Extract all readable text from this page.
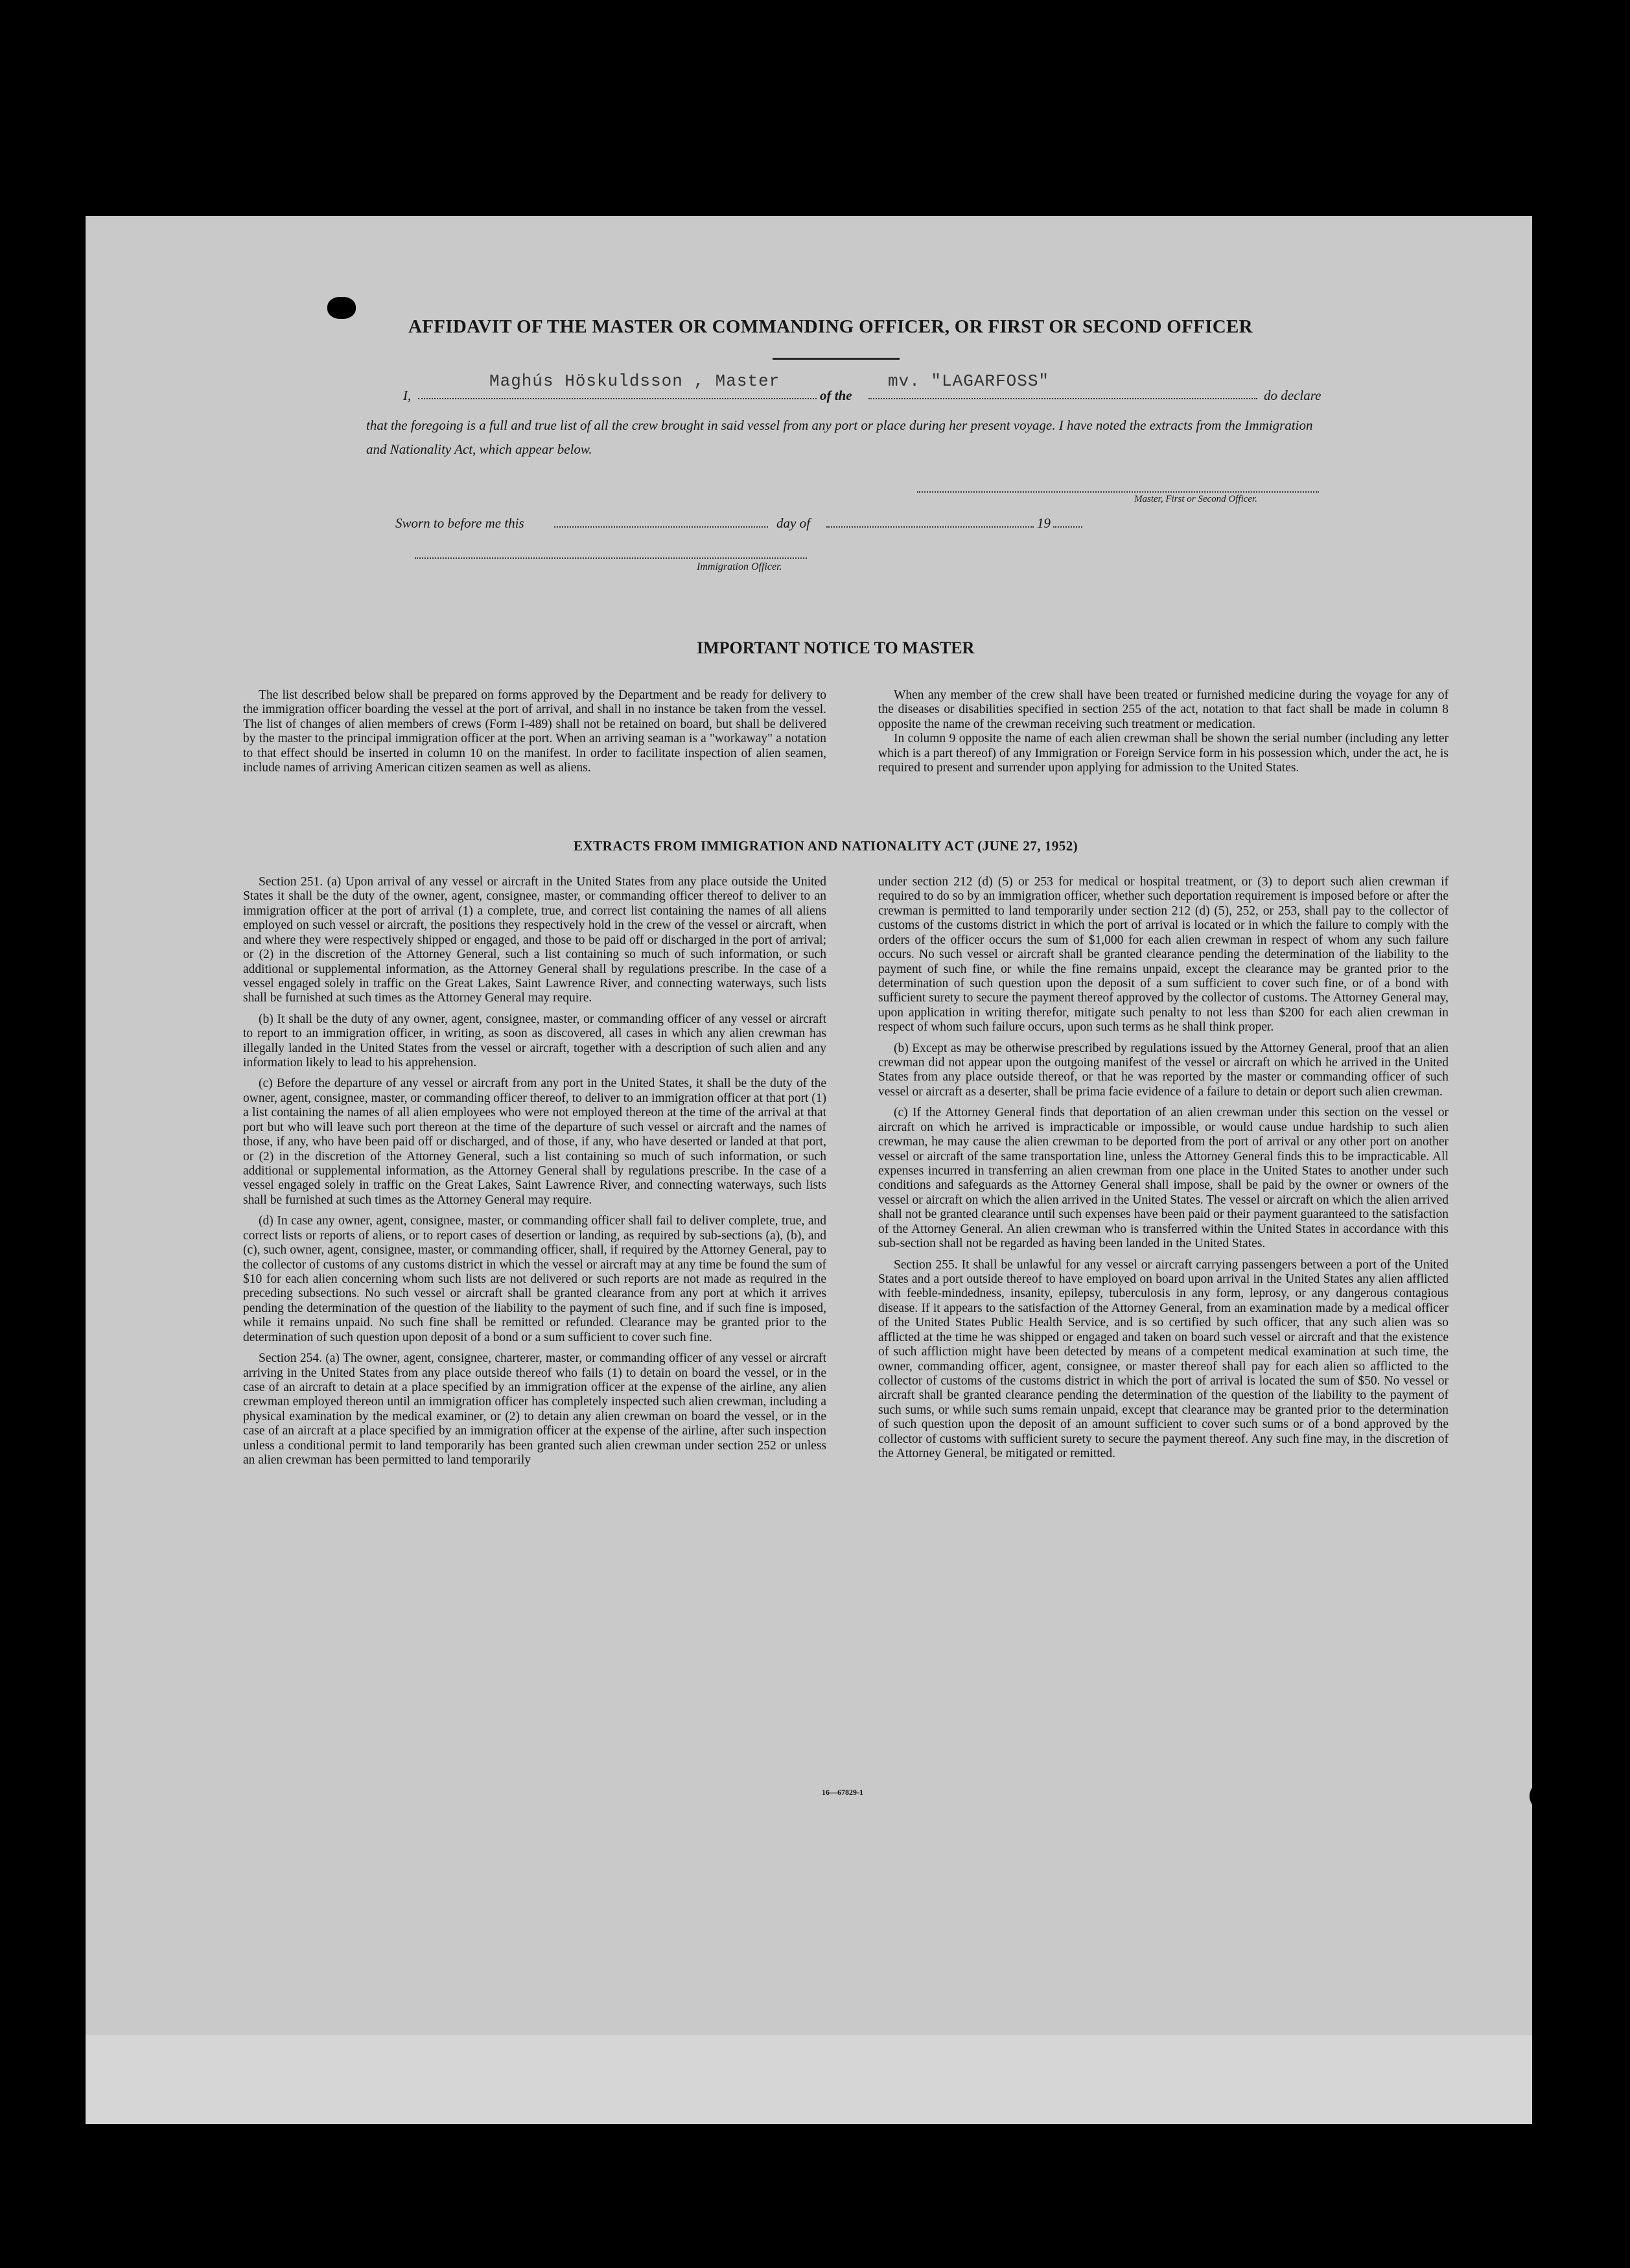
AFFIDAVIT OF THE MASTER OR COMMANDING OFFICER, OR FIRST OR SECOND OFFICER
I,
Maghús Höskuldsson , Master
of the
mv. "LAGARFOSS"
do declare
that the foregoing is a full and true list of all the crew brought in said vessel from any port or place during her present voyage. I have noted the extracts from the Immigration and Nationality Act, which appear below.
Master, First or Second Officer.
Sworn to before me this	day of	19
Immigration Officer.
IMPORTANT NOTICE TO MASTER

The list described below shall be prepared on forms approved by the Department and be ready for delivery to the immigration officer boarding the vessel at the port of arrival, and shall in no instance be taken from the vessel. The list of changes of alien members of crews (Form I-489) shall not be retained on board, but shall be delivered by the master to the principal immigration officer at the port. When an arriving seaman is a "workaway" a notation to that effect should be inserted in column 10 on the manifest. In order to facilitate inspection of alien seamen, include names of arriving American citizen seamen as well as aliens.

When any member of the crew shall have been treated or furnished medicine during the voyage for any of the diseases or disabilities specified in section 255 of the act, notation to that fact shall be made in column 8 opposite the name of the crewman receiving such treatment or medication.

In column 9 opposite the name of each alien crewman shall be shown the serial number (including any letter which is a part thereof) of any Immigration or Foreign Service form in his possession which, under the act, he is required to present and surrender upon applying for admission to the United States.

EXTRACTS FROM IMMIGRATION AND NATIONALITY ACT (JUNE 27, 1952)

Section 251. (a) Upon arrival of any vessel or aircraft in the United States from any place outside the United States it shall be the duty of the owner, agent, consignee, master, or commanding officer thereof to deliver to an immigration officer at the port of arrival (1) a complete, true, and correct list containing the names of all aliens employed on such vessel or aircraft, the positions they respectively hold in the crew of the vessel or aircraft, when and where they were respectively shipped or engaged, and those to be paid off or discharged in the port of arrival; or (2) in the discretion of the Attorney General, such a list containing so much of such information, or such additional or supplemental information, as the Attorney General shall by regulations prescribe. In the case of a vessel engaged solely in traffic on the Great Lakes, Saint Lawrence River, and connecting waterways, such lists shall be furnished at such times as the Attorney General may require.

(b) It shall be the duty of any owner, agent, consignee, master, or commanding officer of any vessel or aircraft to report to an immigration officer, in writing, as soon as discovered, all cases in which any alien crewman has illegally landed in the United States from the vessel or aircraft, together with a description of such alien and any information likely to lead to his apprehension.

(c) Before the departure of any vessel or aircraft from any port in the United States, it shall be the duty of the owner, agent, consignee, master, or commanding officer thereof, to deliver to an immigration officer at that port (1) a list containing the names of all alien employees who were not employed thereon at the time of the arrival at that port but who will leave such port thereon at the time of the departure of such vessel or aircraft and the names of those, if any, who have been paid off or discharged, and of those, if any, who have deserted or landed at that port, or (2) in the discretion of the Attorney General, such a list containing so much of such information, or such additional or supplemental information, as the Attorney General shall by regulations prescribe. In the case of a vessel engaged solely in traffic on the Great Lakes, Saint Lawrence River, and connecting waterways, such lists shall be furnished at such times as the Attorney General may require.

(d) In case any owner, agent, consignee, master, or commanding officer shall fail to deliver complete, true, and correct lists or reports of aliens, or to report cases of desertion or landing, as required by sub-sections (a), (b), and (c), such owner, agent, consignee, master, or commanding officer, shall, if required by the Attorney General, pay to the collector of customs of any customs district in which the vessel or aircraft may at any time be found the sum of $10 for each alien concerning whom such lists are not delivered or such reports are not made as required in the preceding subsections. No such vessel or aircraft shall be granted clearance from any port at which it arrives pending the determination of the question of the liability to the payment of such fine, and if such fine is imposed, while it remains unpaid. No such fine shall be remitted or refunded. Clearance may be granted prior to the determination of such question upon deposit of a bond or a sum sufficient to cover such fine.

Section 254. (a) The owner, agent, consignee, charterer, master, or commanding officer of any vessel or aircraft arriving in the United States from any place outside thereof who fails (1) to detain on board the vessel, or in the case of an aircraft to detain at a place specified by an immigration officer at the expense of the airline, any alien crewman employed thereon until an immigration officer has completely inspected such alien crewman, including a physical examination by the medical examiner, or (2) to detain any alien crewman on board the vessel, or in the case of an aircraft at a place specified by an immigration officer at the expense of the airline, after such inspection unless a conditional permit to land temporarily has been granted such alien crewman under section 252 or unless an alien crewman has been permitted to land temporarily

under section 212 (d) (5) or 253 for medical or hospital treatment, or (3) to deport such alien crewman if required to do so by an immigration officer, whether such deportation requirement is imposed before or after the crewman is permitted to land temporarily under section 212 (d) (5), 252, or 253, shall pay to the collector of customs of the customs district in which the port of arrival is located or in which the failure to comply with the orders of the officer occurs the sum of $1,000 for each alien crewman in respect of whom any such failure occurs. No such vessel or aircraft shall be granted clearance pending the determination of the liability to the payment of such fine, or while the fine remains unpaid, except the clearance may be granted prior to the determination of such question upon the deposit of a sum sufficient to cover such fine, or of a bond with sufficient surety to secure the payment thereof approved by the collector of customs. The Attorney General may, upon application in writing therefor, mitigate such penalty to not less than $200 for each alien crewman in respect of whom such failure occurs, upon such terms as he shall think proper.

(b) Except as may be otherwise prescribed by regulations issued by the Attorney General, proof that an alien crewman did not appear upon the outgoing manifest of the vessel or aircraft on which he arrived in the United States from any place outside thereof, or that he was reported by the master or commanding officer of such vessel or aircraft as a deserter, shall be prima facie evidence of a failure to detain or deport such alien crewman.

(c) If the Attorney General finds that deportation of an alien crewman under this section on the vessel or aircraft on which he arrived is impracticable or impossible, or would cause undue hardship to such alien crewman, he may cause the alien crewman to be deported from the port of arrival or any other port on another vessel or aircraft of the same transportation line, unless the Attorney General finds this to be impracticable. All expenses incurred in transferring an alien crewman from one place in the United States to another under such conditions and safeguards as the Attorney General shall impose, shall be paid by the owner or owners of the vessel or aircraft on which the alien arrived in the United States. The vessel or aircraft on which the alien arrived shall not be granted clearance until such expenses have been paid or their payment guaranteed to the satisfaction of the Attorney General. An alien crewman who is transferred within the United States in accordance with this sub-section shall not be regarded as having been landed in the United States.

Section 255. It shall be unlawful for any vessel or aircraft carrying passengers between a port of the United States and a port outside thereof to have employed on board upon arrival in the United States any alien afflicted with feeble-mindedness, insanity, epilepsy, tuberculosis in any form, leprosy, or any dangerous contagious disease. If it appears to the satisfaction of the Attorney General, from an examination made by a medical officer of the United States Public Health Service, and is so certified by such officer, that any such alien was so afflicted at the time he was shipped or engaged and taken on board such vessel or aircraft and that the existence of such affliction might have been detected by means of a competent medical examination at such time, the owner, commanding officer, agent, consignee, or master thereof shall pay for each alien so afflicted to the collector of customs of the customs district in which the port of arrival is located the sum of $50. No vessel or aircraft shall be granted clearance pending the determination of the question of the liability to the payment of such sums, or while such sums remain unpaid, except that clearance may be granted prior to the determination of such question upon the deposit of an amount sufficient to cover such sums or of a bond approved by the collector of customs with sufficient surety to secure the payment thereof. Any such fine may, in the discretion of the Attorney General, be mitigated or remitted.

16—67829-1
